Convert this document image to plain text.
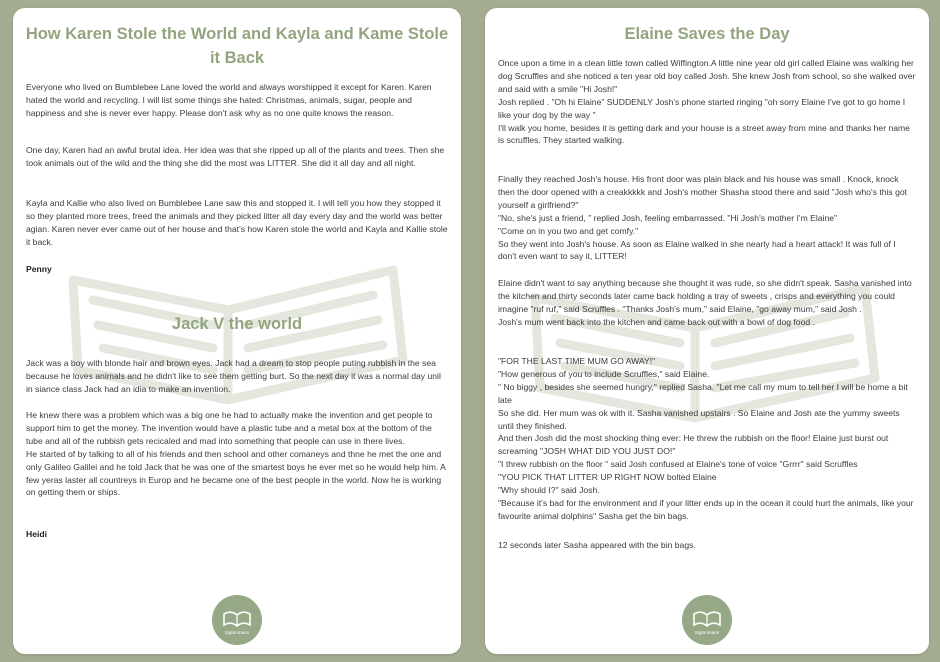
How Karen Stole the World and Kayla and Kame Stole it Back

Everyone who lived on Bumblebee Lane loved the world and always worshipped it except for Karen. Karen hated the world and recycling. I will list some things she hated: Christmas, animals, sugar, people and happiness and she is never ever happy. Please don't ask why as no one quite knows the reason.

One day, Karen had an awful brutal idea. Her idea was that she ripped up all of the plants and trees. Then she took animals out of the wild and the thing she did the most was LITTER. She did it all day and all night.

Kayla and Kallie who also lived on Bumblebee Lane saw this and stopped it. I will tell you how they stopped it so they planted more trees, freed the animals and they picked litter all day every day and the world was better agian. Karen never ever came out of her house and that's how Karen stole the world and Kayla and Kallie stole it back.

Penny

Jack V the world

Jack was a boy with blonde hair and brown eyes. Jack had a dream to stop people puting rubbish in the sea because he loves animals and he didn't like to see them getting burt. So the next day it was a normal day unil in siance class Jack had an idia to make an invention.

He knew there was a problem which was a big one he had to actually make the invention and get people to support him to get the money. The invention would have a plastic tube and a metal box at the bottom of the tube and all of the rubbish gets recicaled and mad into something that people can use in there lives.
He started of by talking to all of his friends and then school and other comaneys and thne he met the one and only Galileo Galilei and he told Jack that he was one of the smartest boys he ever met so he would help him. A few yeras laster all countreys in Europ and he became one of the best people in the world. Now he is working on getting them or ships.

Heidi

Sigtonmann
Elaine Saves the Day

Once upon a time in a clean little town called Wiffington.A little nine year old girl called Elaine was walking her dog Scruffles and she noticed a ten year old boy called Josh. She knew Josh from school, so she walked over and said with a smile "Hi Josh!"
Josh replied . "Oh hi Elaine" SUDDENLY Josh's phone started ringing "oh sorry Elaine I've got to go home I like your dog by the way "
I'll walk you home, besides it is getting dark and your house is a street away from mine and thanks her name is scruffles. They started walking.

Finally they reached Josh's house. His front door was plain black and his house was small . Knock, knock then the door opened with a creakkkkk and Josh's mother Shasha stood there and said "Josh who's this got yourself a girlfriend?"
"No, she's just a friend, " replied Josh, feeling embarrassed. "Hi Josh's mother I'm Elaine"
"Come on in you two and get comfy."
So they went into Josh's house. As soon as Elaine walked in she nearly had a heart attack! It was full of I don't even want to say it, LITTER!

Elaine didn't want to say anything because she thought it was rude, so she didn't speak. Sasha vanished into the kitchen and thirty seconds later came back holding a tray of sweets , crisps and everything you could imagine "ruf ruf," said Scruffles . "Thanks Josh's mum," said Elaine, "go away mum," said Josh .
Josh's mum went back into the kitchen and came back out with a bowl of dog food .

"FOR THE LAST TIME MUM GO AWAY!"
"How generous of you to include Scruffles," said Elaine.
" No biggy , besides she seemed hungry," replied Sasha. "Let me call my mum to tell her I will be home a bit late
So she did. Her mum was ok with it. Sasha vanished upstairs . So Elaine and Josh ate the yummy sweets until they finished.
And then Josh did the most shocking thing ever: He threw the rubbish on the floor! Elaine just burst out screaming "JOSH WHAT DID YOU JUST DO!"
"I threw rubbish on the floor " said Josh confused at Elaine's tone of voice "Grrrr" said Scruffles
"YOU PICK THAT LITTER UP RIGHT NOW bolted Elaine
"Why should I?" said Josh.
"Because it's bad for the environment and if your litter ends up in the ocean it could hurt the animals, like your favourite animal dolphins" Sasha get the bin bags.

12 seconds later Sasha appeared with the bin bags.

Sigtonmann
